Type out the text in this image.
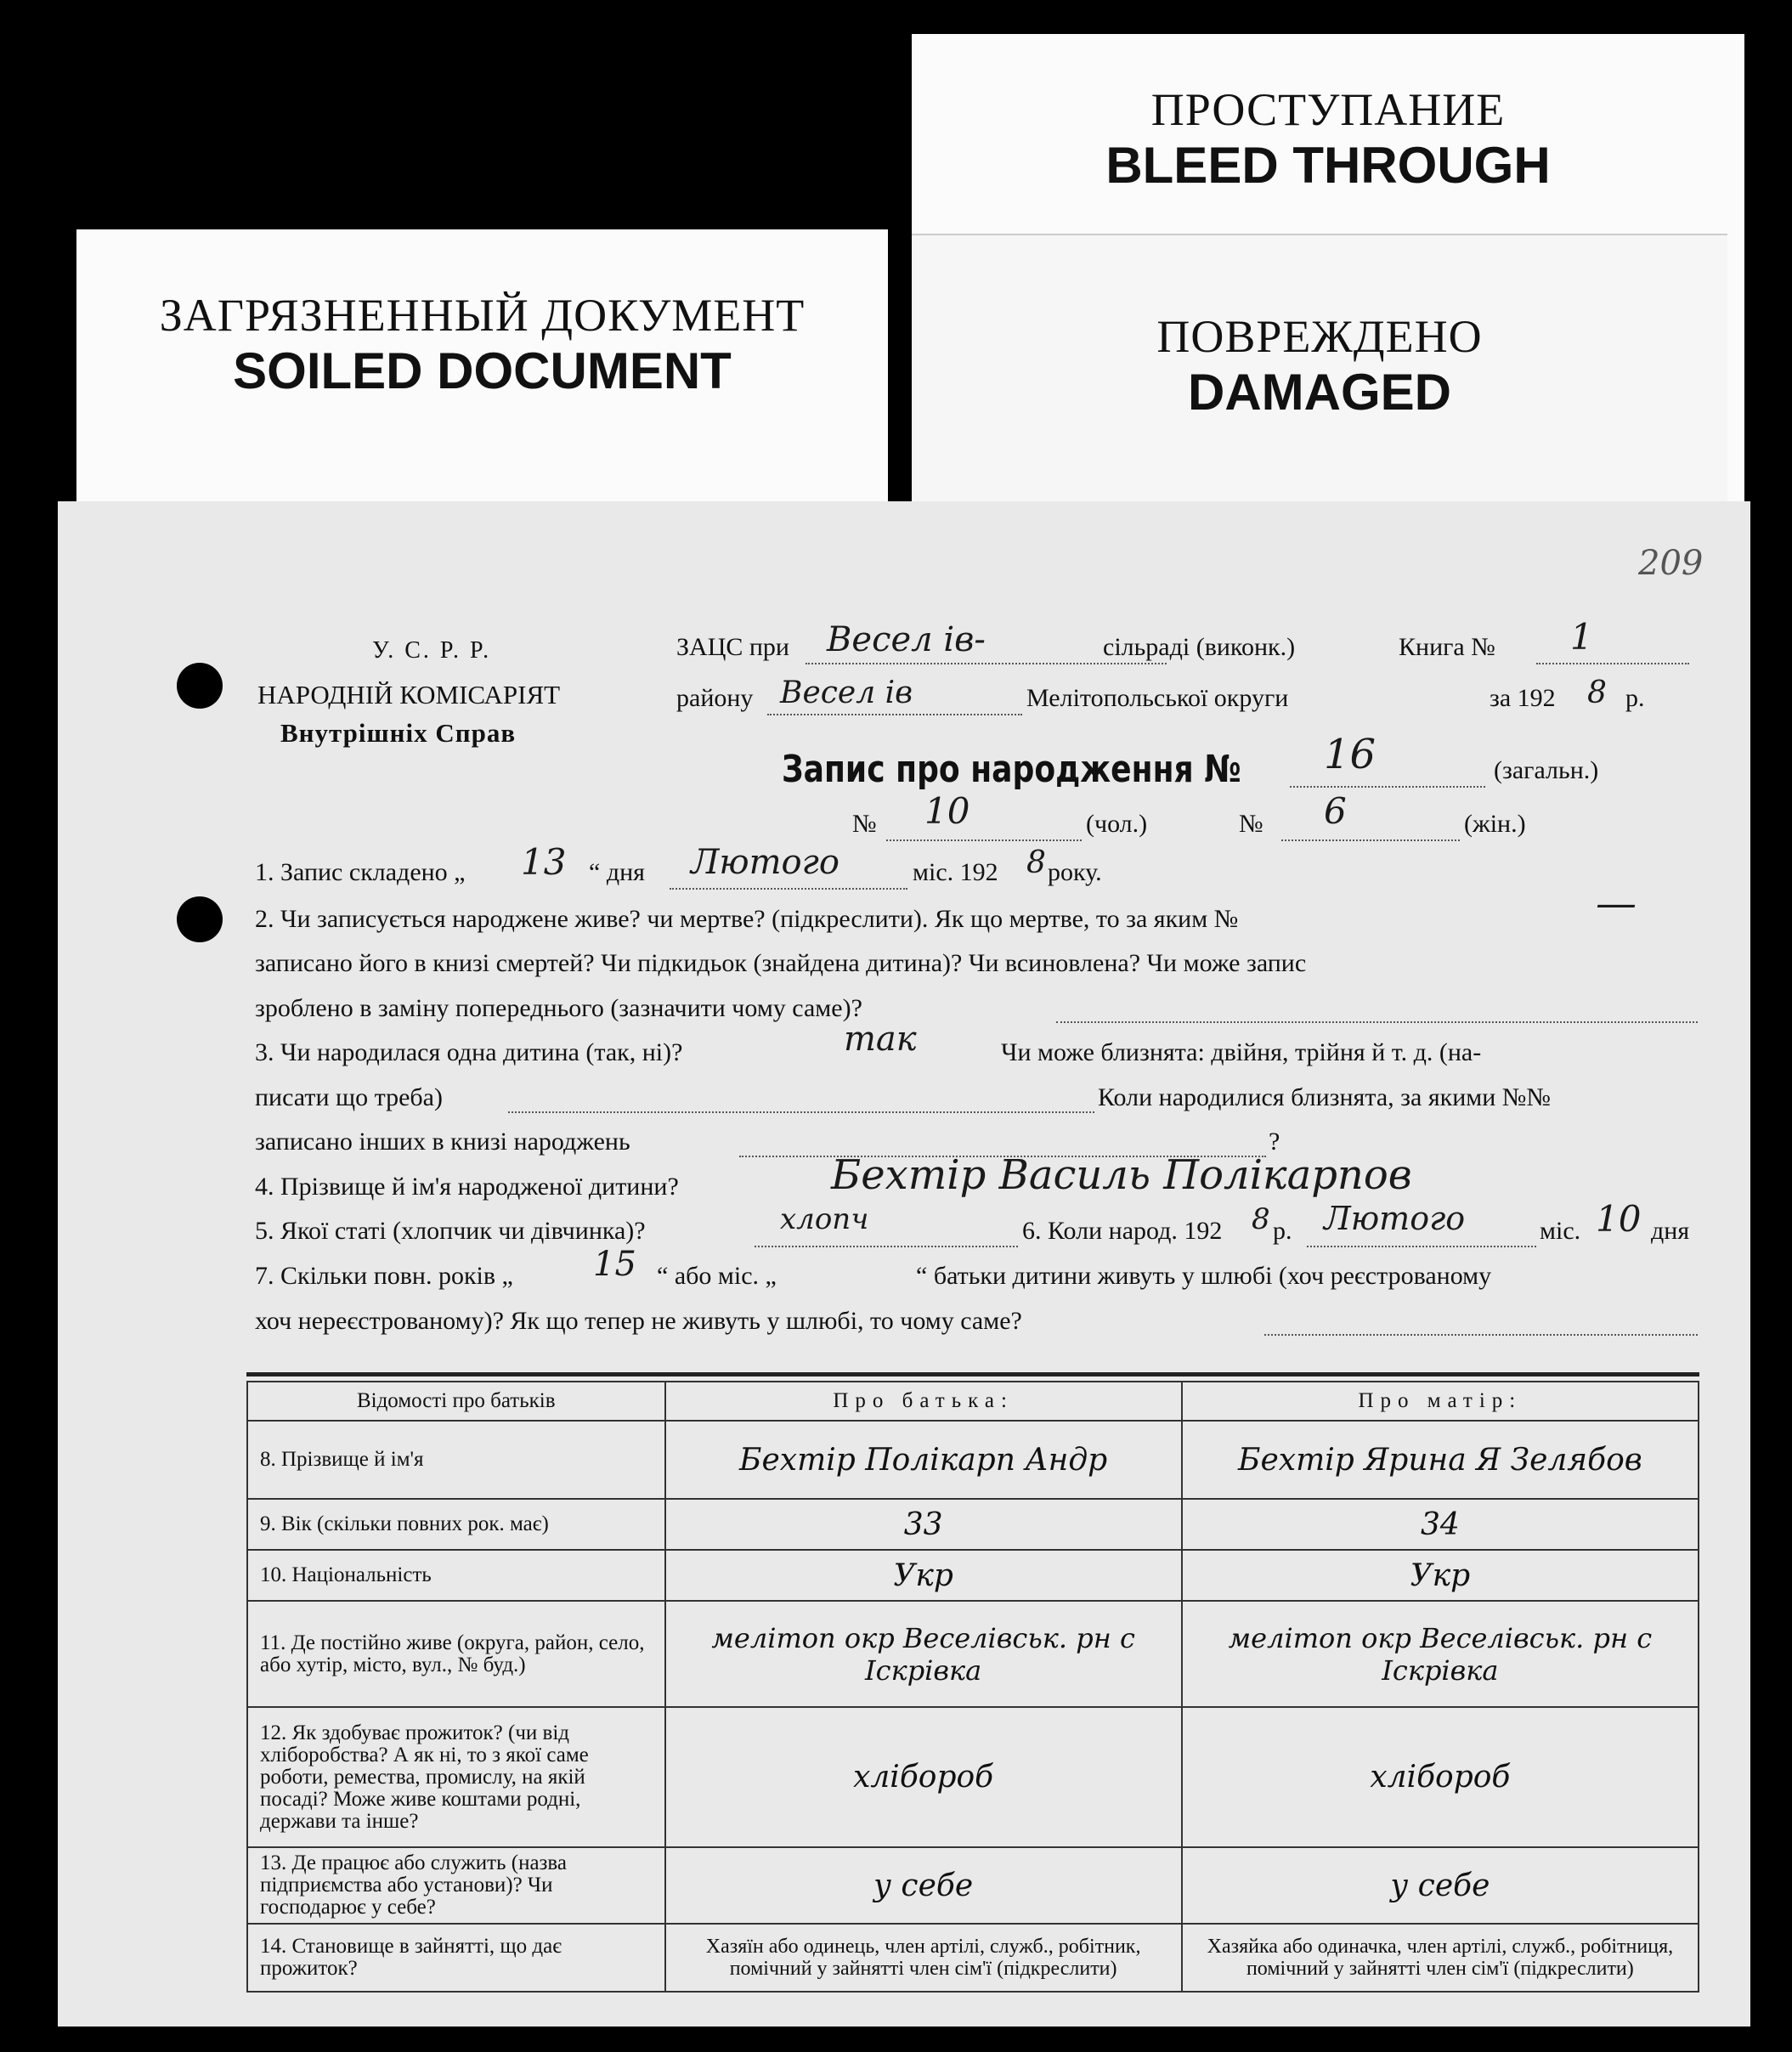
ПРОСТУПАНИЕ
BLEED THROUGH
ПОВРЕЖДЕНО
DAMAGED
ЗАГРЯЗНЕННЫЙ ДОКУМЕНТ
SOILED DOCUMENT
209
У. С. Р. Р.
НАРОДНІЙ КОМІСАРІЯТ
Внутрішніх Справ
ЗАЦС при Весел ів-	сільраді (виконк.)	Книга № 1
району Весел ів	Мелітопольської округи	за 192 8 р.
Запис про народження № 16	(загальн.)
№ 10	(чол.)	№ 6	(жін.)
1. Запис складено „ 13 “ дня Лютого	міс. 192 8 року.
2. Чи записується народжене живе? чи мертве? (підкреслити). Як що мертве, то за яким №	—
записано його в книзі смертей? Чи підкидьок (знайдена дитина)? Чи всиновлена? Чи може запис
зроблено в заміну попереднього (зазначити чому саме)?
3. Чи народилася одна дитина (так, ні)?	так	Чи може близнята: двійня, трійня й т. д. (на-
писати що треба)	Коли народилися близнята, за якими №№
записано інших в книзі народжень	?
4. Прізвище й ім'я народженої дитини?	Бехтір Василь Полікарпов
5. Якої статі (хлопчик чи дівчинка)?	хлопч	6. Коли народ. 192 8 р. Лютого	міс. 10 дня
7. Скільки повн. років „ 15 “ або міс. „	“ батьки дитини живуть у шлюбі (хоч реєстрованому
хоч нереєстрованому)? Як що тепер не живуть у шлюбі, то чому саме?
Відомості про батьків	Про батька:	Про матір:
8. Прізвище й ім'я	Бехтір Полікарп Андр	Бехтір Ярина Я Зелябов
9. Вік (скільки повних рок. має)	33	34
10. Національність	Укр	Укр
11. Де постійно живе (округа, район, село, або хутір, місто, вул., № буд.)	мелітоп окр Веселівськ. рн с Іскрівка	мелітоп окр Веселівськ. рн с Іскрівка
12. Як здобуває прожиток? (чи від хліборобства? А як ні, то з якої саме роботи, ремества, промислу, на якій посаді? Може живе коштами родні, держави та інше?	хлібороб	хлібороб
13. Де працює або служить (назва підприємства або установи)? Чи господарює у себе?	у себе	у себе
14. Становище в зайнятті, що дає прожиток?	Хазяїн або одинець, член артілі, служб., робітник, помічний у зайнятті член сім'ї (підкреслити)	Хазяйка або одиначка, член артілі, служб., робітниця, помічний у зайнятті член сім'ї (підкреслити)
